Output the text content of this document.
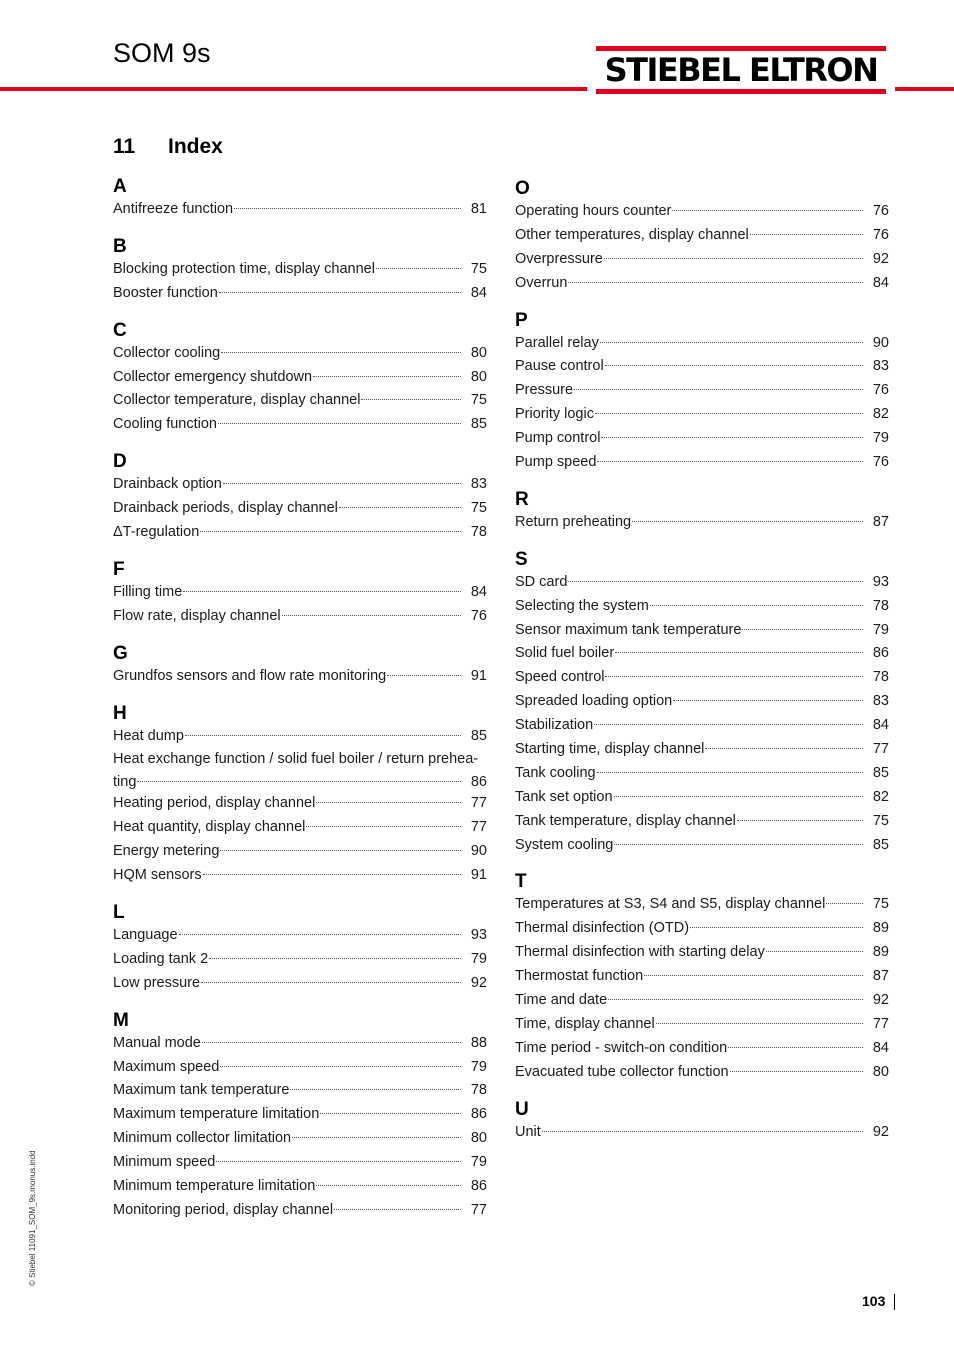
SOM 9s	STIEBEL ELTRON
11 Index
A
Antifreeze function	81
B
Blocking protection time, display channel	75
Booster function	84
C
Collector cooling	80
Collector emergency shutdown	80
Collector temperature, display channel	75
Cooling function	85
D
Drainback option	83
Drainback periods, display channel	75
ΔT-regulation	78
F
Filling time	84
Flow rate, display channel	76
G
Grundfos sensors and flow rate monitoring	91
H
Heat dump	85
Heat exchange function / solid fuel boiler / return prehea-
ting	86
Heating period, display channel	77
Heat quantity, display channel	77
Energy metering	90
HQM sensors	91
L
Language	93
Loading tank 2	79
Low pressure	92
M
Manual mode	88
Maximum speed	79
Maximum tank temperature	78
Maximum temperature limitation	86
Minimum collector limitation	80
Minimum speed	79
Minimum temperature limitation	86
Monitoring period, display channel	77
O
Operating hours counter	76
Other temperatures, display channel	76
Overpressure	92
Overrun	84
P
Parallel relay	90
Pause control	83
Pressure	76
Priority logic	82
Pump control	79
Pump speed	76
R
Return preheating	87
S
SD card	93
Selecting the system	78
Sensor maximum tank temperature	79
Solid fuel boiler	86
Speed control	78
Spreaded loading option	83
Stabilization	84
Starting time, display channel	77
Tank cooling	85
Tank set option	82
Tank temperature, display channel	75
System cooling	85
T
Temperatures at S3, S4 and S5, display channel	75
Thermal disinfection (OTD)	89
Thermal disinfection with starting delay	89
Thermostat function	87
Time and date	92
Time, display channel	77
Time period - switch-on condition	84
Evacuated tube collector function	80
U
Unit	92
© Stiebel 11091_SOM_9s.monus.indd
103
